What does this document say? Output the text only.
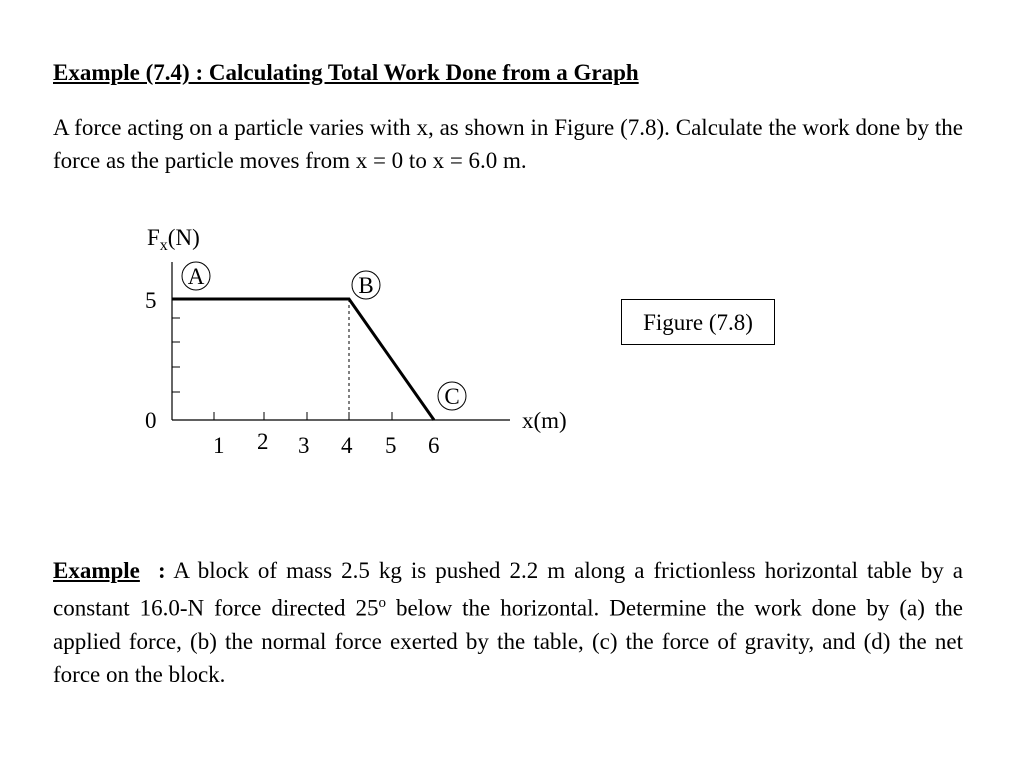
Example (7.4) : Calculating Total Work Done from a Graph
A force acting on a particle varies with x, as shown in Figure (7.8). Calculate the work done by the force as the particle moves from x = 0 to x = 6.0 m.
$F_x(N)$
5
0	x(m)
1 2 3 4 5 6
A	B
C
Figure (7.8)
Example : A block of mass 2.5 kg is pushed 2.2 m along a frictionless horizontal table by a constant 16.0-N force directed 25$^o$ below the horizontal. Determine the work done by (a) the applied force, (b) the normal force exerted by the table, (c) the force of gravity, and (d) the net force on the block.
